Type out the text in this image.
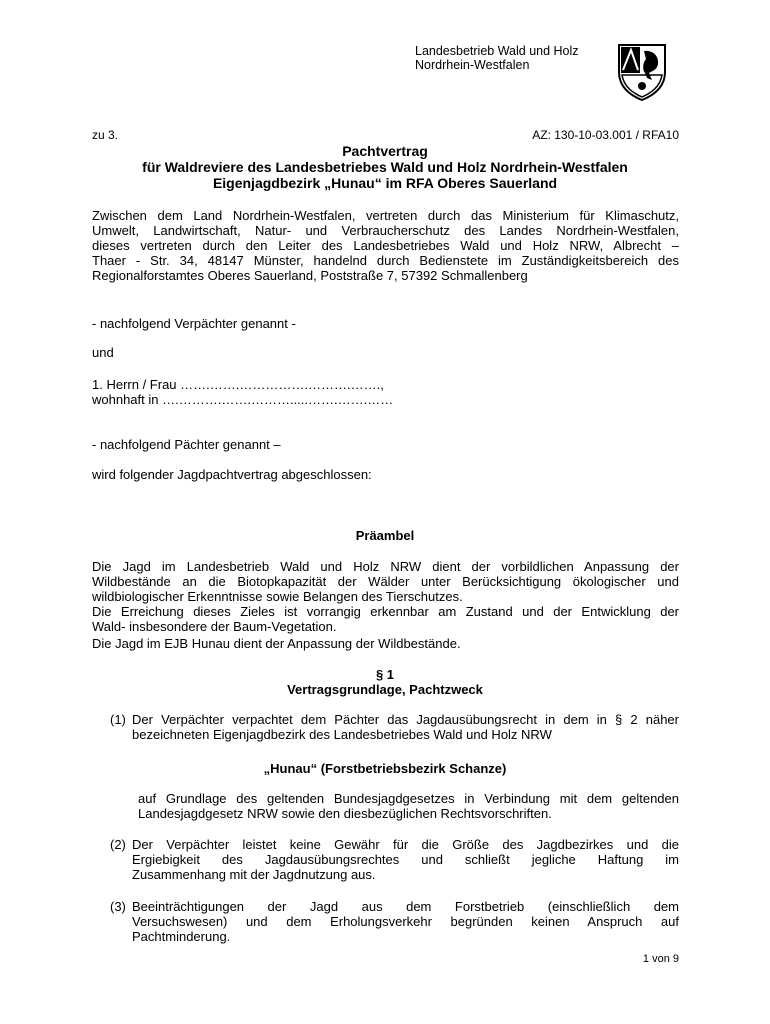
Landesbetrieb Wald und Holz
Nordrhein-Westfalen
zu 3.	AZ: 130-10-03.001 / RFA10
Pachtvertrag
für Waldreviere des Landesbetriebes Wald und Holz Nordrhein-Westfalen
Eigenjagdbezirk „Hunau“ im RFA Oberes Sauerland
Zwischen dem Land Nordrhein-Westfalen, vertreten durch das Ministerium für Klimaschutz,
Umwelt, Landwirtschaft, Natur- und Verbraucherschutz des Landes Nordrhein-Westfalen,
dieses vertreten durch den Leiter des Landesbetriebes Wald und Holz NRW, Albrecht –
Thaer - Str. 34, 48147 Münster, handelnd durch Bedienstete im Zuständigkeitsbereich des
Regionalforstamtes Oberes Sauerland, Poststraße 7, 57392 Schmallenberg
- nachfolgend Verpächter genannt -
und
1. Herrn / Frau …….…….…………….……….…….,
wohnhaft in ….……….…….……….....…….…….……
- nachfolgend Pächter genannt –
wird folgender Jagdpachtvertrag abgeschlossen:
Präambel
Die Jagd im Landesbetrieb Wald und Holz NRW dient der vorbildlichen Anpassung der
Wildbestände an die Biotopkapazität der Wälder unter Berücksichtigung ökologischer und
wildbiologischer Erkenntnisse sowie Belangen des Tierschutzes.
Die Erreichung dieses Zieles ist vorrangig erkennbar am Zustand und der Entwicklung der
Wald- insbesondere der Baum-Vegetation.
Die Jagd im EJB Hunau dient der Anpassung der Wildbestände.
§ 1
Vertragsgrundlage, Pachtzweck
(1) Der Verpächter verpachtet dem Pächter das Jagdausübungsrecht in dem in § 2 näher
bezeichneten Eigenjagdbezirk des Landesbetriebes Wald und Holz NRW
„Hunau“ (Forstbetriebsbezirk Schanze)
auf Grundlage des geltenden Bundesjagdgesetzes in Verbindung mit dem geltenden
Landesjagdgesetz NRW sowie den diesbezüglichen Rechtsvorschriften.
(2) Der Verpächter leistet keine Gewähr für die Größe des Jagdbezirkes und die
Ergiebigkeit des Jagdausübungsrechtes und schließt jegliche Haftung im
Zusammenhang mit der Jagdnutzung aus.
(3) Beeinträchtigungen der Jagd aus dem Forstbetrieb (einschließlich dem
Versuchswesen) und dem Erholungsverkehr begründen keinen Anspruch auf
Pachtminderung.
1 von 9
